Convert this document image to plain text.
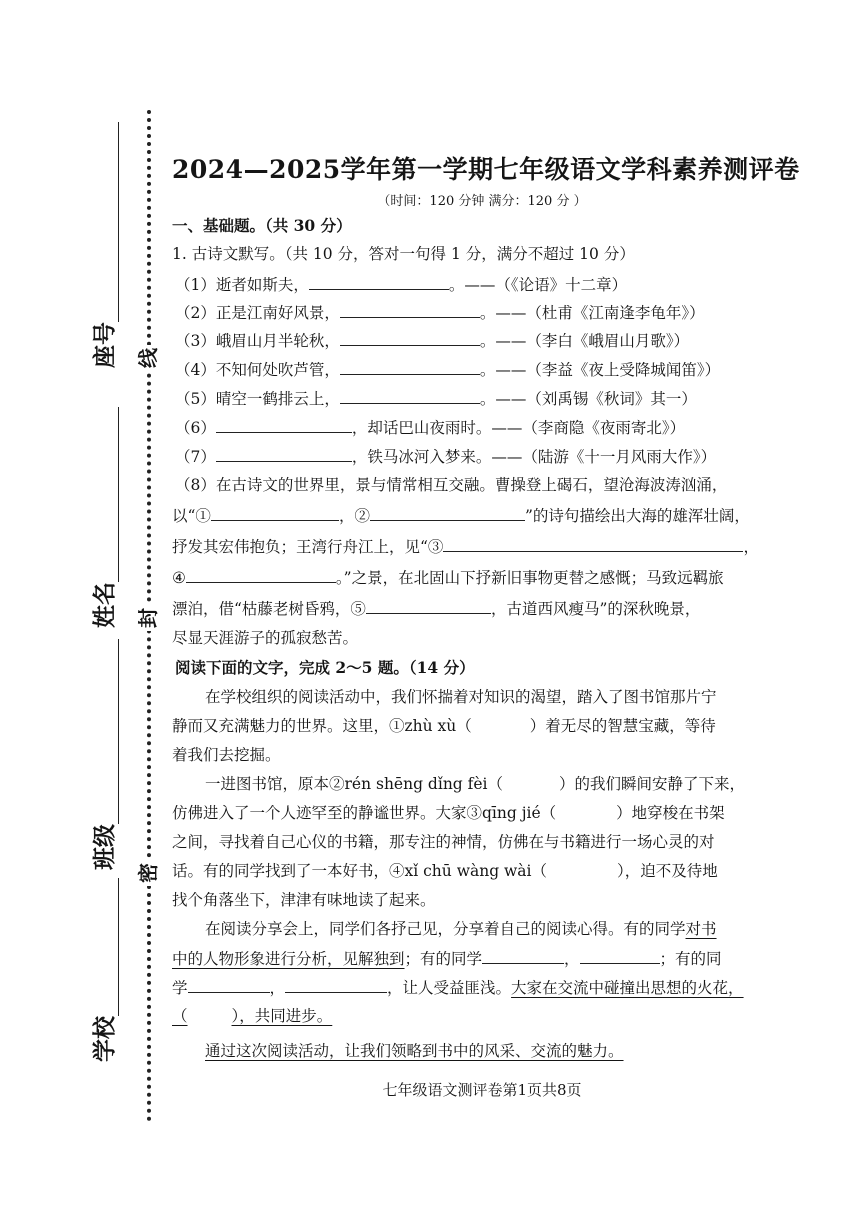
线
封
密
座号
姓名
班级
学校
2024—2025学年第一学期七年级语文学科素养测评卷
（时间：120 分钟 满分：120 分 ）
一、基础题。（共 30 分）
1. 古诗文默写。（共 10 分，答对一句得 1 分，满分不超过 10 分）
（1）逝者如斯夫，	。——（《论语》十二章）
（2）正是江南好风景，	。——（杜甫《江南逢李龟年》）
（3）峨眉山月半轮秋，	。——（李白《峨眉山月歌》）
（4）不知何处吹芦管，	。——（李益《夜上受降城闻笛》）
（5）晴空一鹤排云上，	。——（刘禹锡《秋词》其一）
（6）	，却话巴山夜雨时。——（李商隐《夜雨寄北》）
（7）	，铁马冰河入梦来。——（陆游《十一月风雨大作》）
（8）在古诗文的世界里，景与情常相互交融。曹操登上碣石，望沧海波涛汹涌，
以“①	，②	”的诗句描绘出大海的雄浑壮阔，
抒发其宏伟抱负；王湾行舟江上，见“③	，
④	。”之景，在北固山下抒新旧事物更替之感慨；马致远羁旅
漂泊，借“枯藤老树昏鸦，⑤	，古道西风瘦马”的深秋晚景，
尽显天涯游子的孤寂愁苦。
阅读下面的文字，完成 2～5 题。（14 分）
在学校组织的阅读活动中，我们怀揣着对知识的渴望，踏入了图书馆那片宁
静而又充满魅力的世界。这里，①zhù xù（	）着无尽的智慧宝藏，等待
着我们去挖掘。
一进图书馆，原本②rén shēng dǐng fèi（	）的我们瞬间安静了下来，
仿佛进入了一个人迹罕至的静谧世界。大家③qīng jié（	）地穿梭在书架
之间，寻找着自己心仪的书籍，那专注的神情，仿佛在与书籍进行一场心灵的对
话。有的同学找到了一本好书，④xǐ chū wàng wài（	），迫不及待地
找个角落坐下，津津有味地读了起来。
在阅读分享会上，同学们各抒己见，分享着自己的阅读心得。有的同学对书
中的人物形象进行分析，见解独到；有的同学	，	；有的同
学	，	，让人受益匪浅。大家在交流中碰撞出思想的火花，
（	），共同进步。
通过这次阅读活动，让我们领略到书中的风采、交流的魅力。
七年级语文测评卷第1页共8页
